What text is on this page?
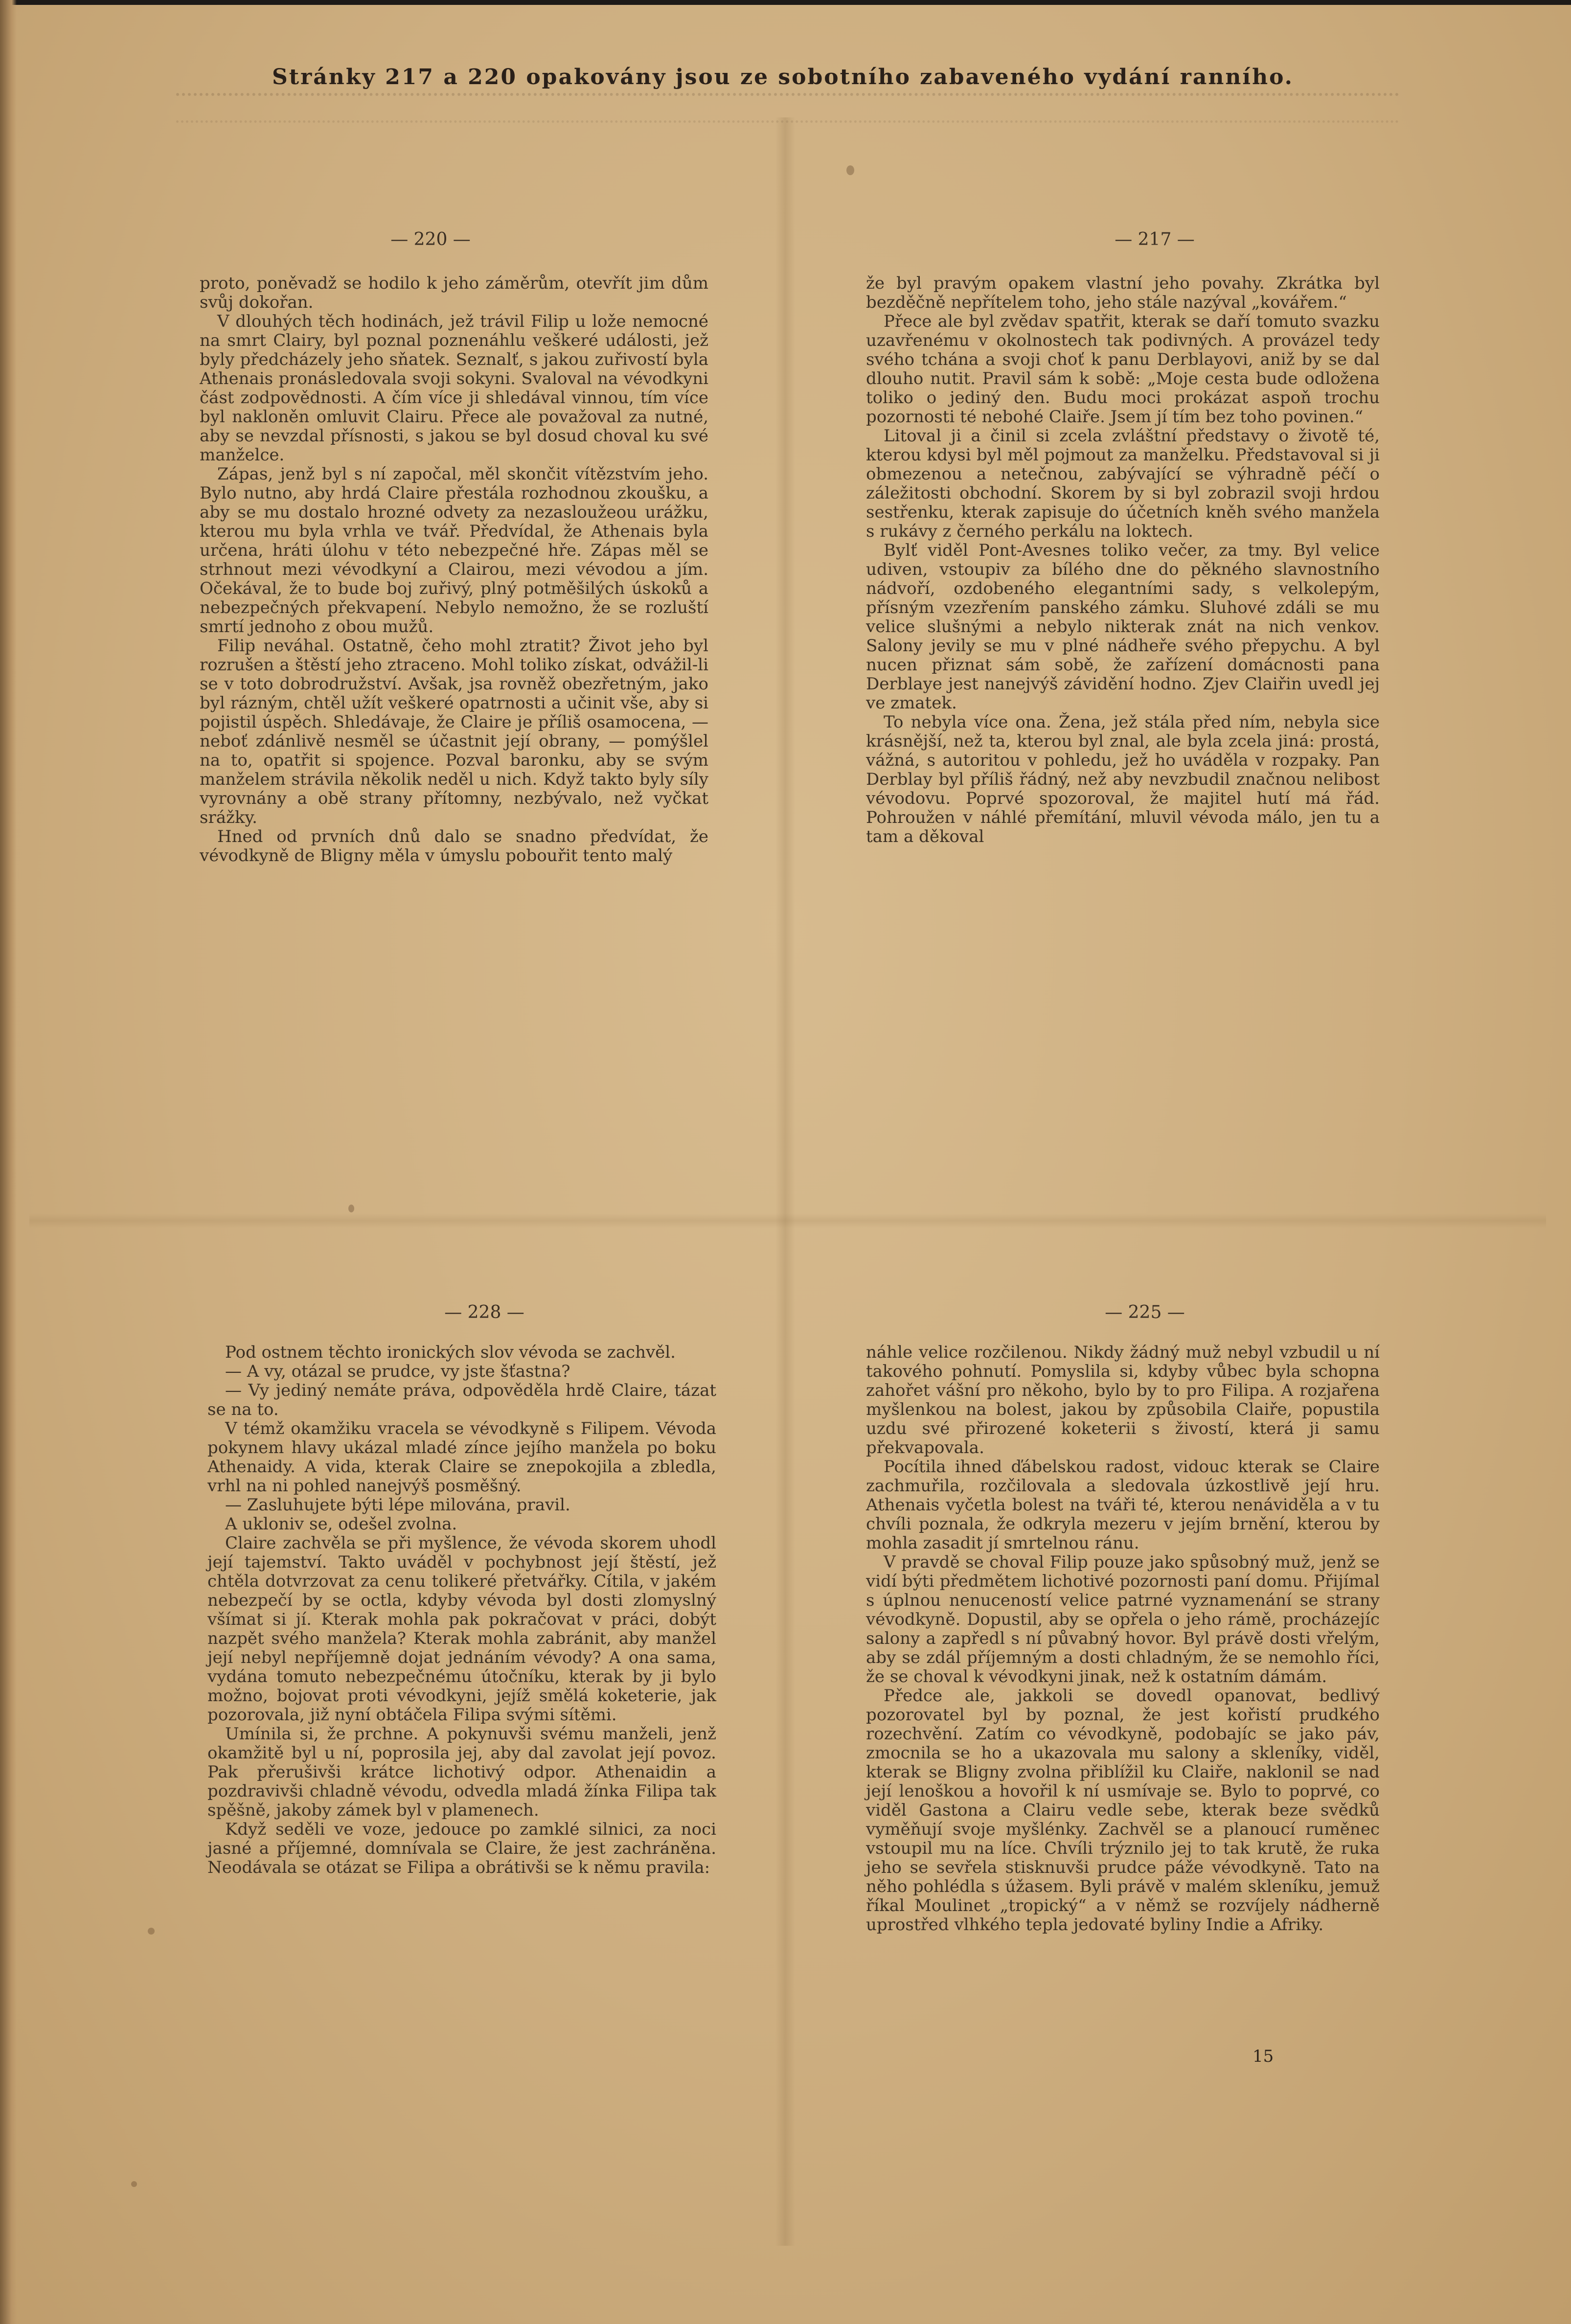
Stránky 217 a 220 opakovány jsou ze sobotního zabaveného vydání ranního.
— 220 —

proto, poněvadž se hodilo k jeho záměrům, otevřít jim dům svůj dokořan.

V dlouhých těch hodinách, jež trávil Filip u lože nemocné na smrt Clairy, byl poznal poznenáhlu veškeré události, jež byly předcházely jeho sňatek. Seznalť, s jakou zuřivostí byla Athenais pronásledovala svoji sokyni. Svaloval na vévodkyni část zodpovědnosti. A čím více ji shledával vinnou, tím více byl nakloněn omluvit Clairu. Přece ale považoval za nutné, aby se nevzdal přísnosti, s jakou se byl dosud choval ku své manželce.

Zápas, jenž byl s ní započal, měl skončit vítězstvím jeho. Bylo nutno, aby hrdá Claire přestála rozhodnou zkoušku, a aby se mu dostalo hrozné odvety za nezasloužeou urážku, kterou mu byla vrhla ve tvář. Předvídal, že Athenais byla určena, hráti úlohu v této nebezpečné hře. Zápas měl se strhnout mezi vévodkyní a Clairou, mezi vévodou a jím. Očekával, že to bude boj zuřivý, plný potměšilých úskoků a nebezpečných překvapení. Nebylo nemožno, že se rozluští smrtí jednoho z obou mužů.

Filip neváhal. Ostatně, čeho mohl ztratit? Život jeho byl rozrušen a štěstí jeho ztraceno. Mohl toliko získat, odvážil-li se v toto dobrodružství. Avšak, jsa rovněž obezřetným, jako byl rázným, chtěl užít veškeré opatrnosti a učinit vše, aby si pojistil úspěch. Shledávaje, že Claire je příliš osamocena, — neboť zdánlivě nesměl se účastnit její obrany, — pomýšlel na to, opatřit si spojence. Pozval baronku, aby se svým manželem strávila několik neděl u nich. Když takto byly síly vyrovnány a obě strany přítomny, nezbývalo, než vyčkat srážky.

Hned od prvních dnů dalo se snadno předvídat, že vévodkyně de Bligny měla v úmyslu pobouřit tento malý

— 217 —

že byl pravým opakem vlastní jeho povahy. Zkrátka byl bezděčně nepřítelem toho, jeho stále nazýval „kovářem.“

Přece ale byl zvědav spatřit, kterak se daří tomuto svazku uzavřenému v okolnostech tak podivných. A provázel tedy svého tchána a svoji choť k panu Derblayovi, aniž by se dal dlouho nutit. Pravil sám k sobě: „Moje cesta bude odložena toliko o jediný den. Budu moci prokázat aspoň trochu pozornosti té nebohé Claiře. Jsem jí tím bez toho povinen.“

Litoval ji a činil si zcela zvláštní představy o životě té, kterou kdysi byl měl pojmout za manželku. Představoval si ji obmezenou a netečnou, zabývající se výhradně péčí o záležitosti obchodní. Skorem by si byl zobrazil svoji hrdou sestřenku, kterak zapisuje do účetních kněh svého manžela s rukávy z černého perkálu na loktech.

Bylť viděl Pont-Avesnes toliko večer, za tmy. Byl velice udiven, vstoupiv za bílého dne do pěkného slavnostního nádvoří, ozdobeného elegantními sady, s velkolepým, přísným vzezřením panského zámku. Sluhové zdáli se mu velice slušnými a nebylo nikterak znát na nich venkov. Salony jevily se mu v plné nádheře svého přepychu. A byl nucen přiznat sám sobě, že zařízení domácnosti pana Derblaye jest nanejvýš závidění hodno. Zjev Claiřin uvedl jej ve zmatek.

To nebyla více ona. Žena, jež stála před ním, nebyla sice krásnější, než ta, kterou byl znal, ale byla zcela jiná: prostá, vážná, s autoritou v pohledu, jež ho uváděla v rozpaky. Pan Derblay byl příliš řádný, než aby nevzbudil značnou nelibost vévodovu. Poprvé spozoroval, že majitel hutí má řád. Pohroužen v náhlé přemítání, mluvil vévoda málo, jen tu a tam a děkoval

— 228 —

Pod ostnem těchto ironických slov vévoda se zachvěl.

— A vy, otázal se prudce, vy jste šťastna?

— Vy jediný nemáte práva, odpověděla hrdě Claire, tázat se na to.

V témž okamžiku vracela se vévodkyně s Filipem. Vévoda pokynem hlavy ukázal mladé zínce jejího manžela po boku Athenaidy. A vida, kterak Claire se znepokojila a zbledla, vrhl na ni pohled nanejvýš posměšný.

— Zasluhujete býti lépe milována, pravil.

A ukloniv se, odešel zvolna.

Claire zachvěla se při myšlence, že vévoda skorem uhodl její tajemství. Takto uváděl v pochybnost její štěstí, jež chtěla dotvrzovat za cenu tolikeré přetvářky. Cítila, v jakém nebezpečí by se octla, kdyby vévoda byl dosti zlomyslný všímat si jí. Kterak mohla pak pokračovat v práci, dobýt nazpět svého manžela? Kterak mohla zabránit, aby manžel její nebyl nepříjemně dojat jednáním vévody? A ona sama, vydána tomuto nebezpečnému útočníku, kterak by ji bylo možno, bojovat proti vévodkyni, jejíž smělá koketerie, jak pozorovala, již nyní obtáčela Filipa svými sítěmi.

Umínila si, že prchne. A pokynuvši svému manželi, jenž okamžitě byl u ní, poprosila jej, aby dal zavolat její povoz. Pak přerušivši krátce lichotivý odpor. Athenaidin a pozdravivši chladně vévodu, odvedla mladá žínka Filipa tak spěšně, jakoby zámek byl v plamenech.

Když seděli ve voze, jedouce po zamklé silnici, za noci jasné a příjemné, domnívala se Claire, že jest zachráněna. Neodávala se otázat se Filipa a obrátivši se k němu pravila:

— 225 —

náhle velice rozčilenou. Nikdy žádný muž nebyl vzbudil u ní takového pohnutí. Pomyslila si, kdyby vůbec byla schopna zahořet vášní pro někoho, bylo by to pro Filipa. A rozjařena myšlenkou na bolest, jakou by způsobila Claiře, popustila uzdu své přirozené koketerii s živostí, která ji samu překvapovala.

Pocítila ihned ďábelskou radost, vidouc kterak se Claire zachmuřila, rozčilovala a sledovala úzkostlivě její hru. Athenais vyčetla bolest na tváři té, kterou nenáviděla a v tu chvíli poznala, že odkryla mezeru v jejím brnění, kterou by mohla zasadit jí smrtelnou ránu.

V pravdě se choval Filip pouze jako spůsobný muž, jenž se vidí býti předmětem lichotivé pozornosti paní domu. Přijímal s úplnou nenuceností velice patrné vyznamenání se strany vévodkyně. Dopustil, aby se opřela o jeho rámě, procházejíc salony a zapředl s ní půvabný hovor. Byl právě dosti vřelým, aby se zdál příjemným a dosti chladným, že se nemohlo říci, že se choval k vévodkyni jinak, než k ostatním dámám.

Předce ale, jakkoli se dovedl opanovat, bedlivý pozorovatel byl by poznal, že jest kořistí prudkého rozechvění. Zatím co vévodkyně, podobajíc se jako páv, zmocnila se ho a ukazovala mu salony a skleníky, viděl, kterak se Bligny zvolna přiblížil ku Claiře, naklonil se nad její lenoškou a hovořil k ní usmívaje se. Bylo to poprvé, co viděl Gastona a Clairu vedle sebe, kterak beze svědků vyměňují svoje myšlénky. Zachvěl se a planoucí ruměnec vstoupil mu na líce. Chvíli trýznilo jej to tak krutě, že ruka jeho se sevřela stisknuvši prudce páže vévodkyně. Tato na něho pohlédla s úžasem. Byli právě v malém skleníku, jemuž říkal Moulinet „tropický“ a v němž se rozvíjely nádherně uprostřed vlhkého tepla jedovaté byliny Indie a Afriky.

15
